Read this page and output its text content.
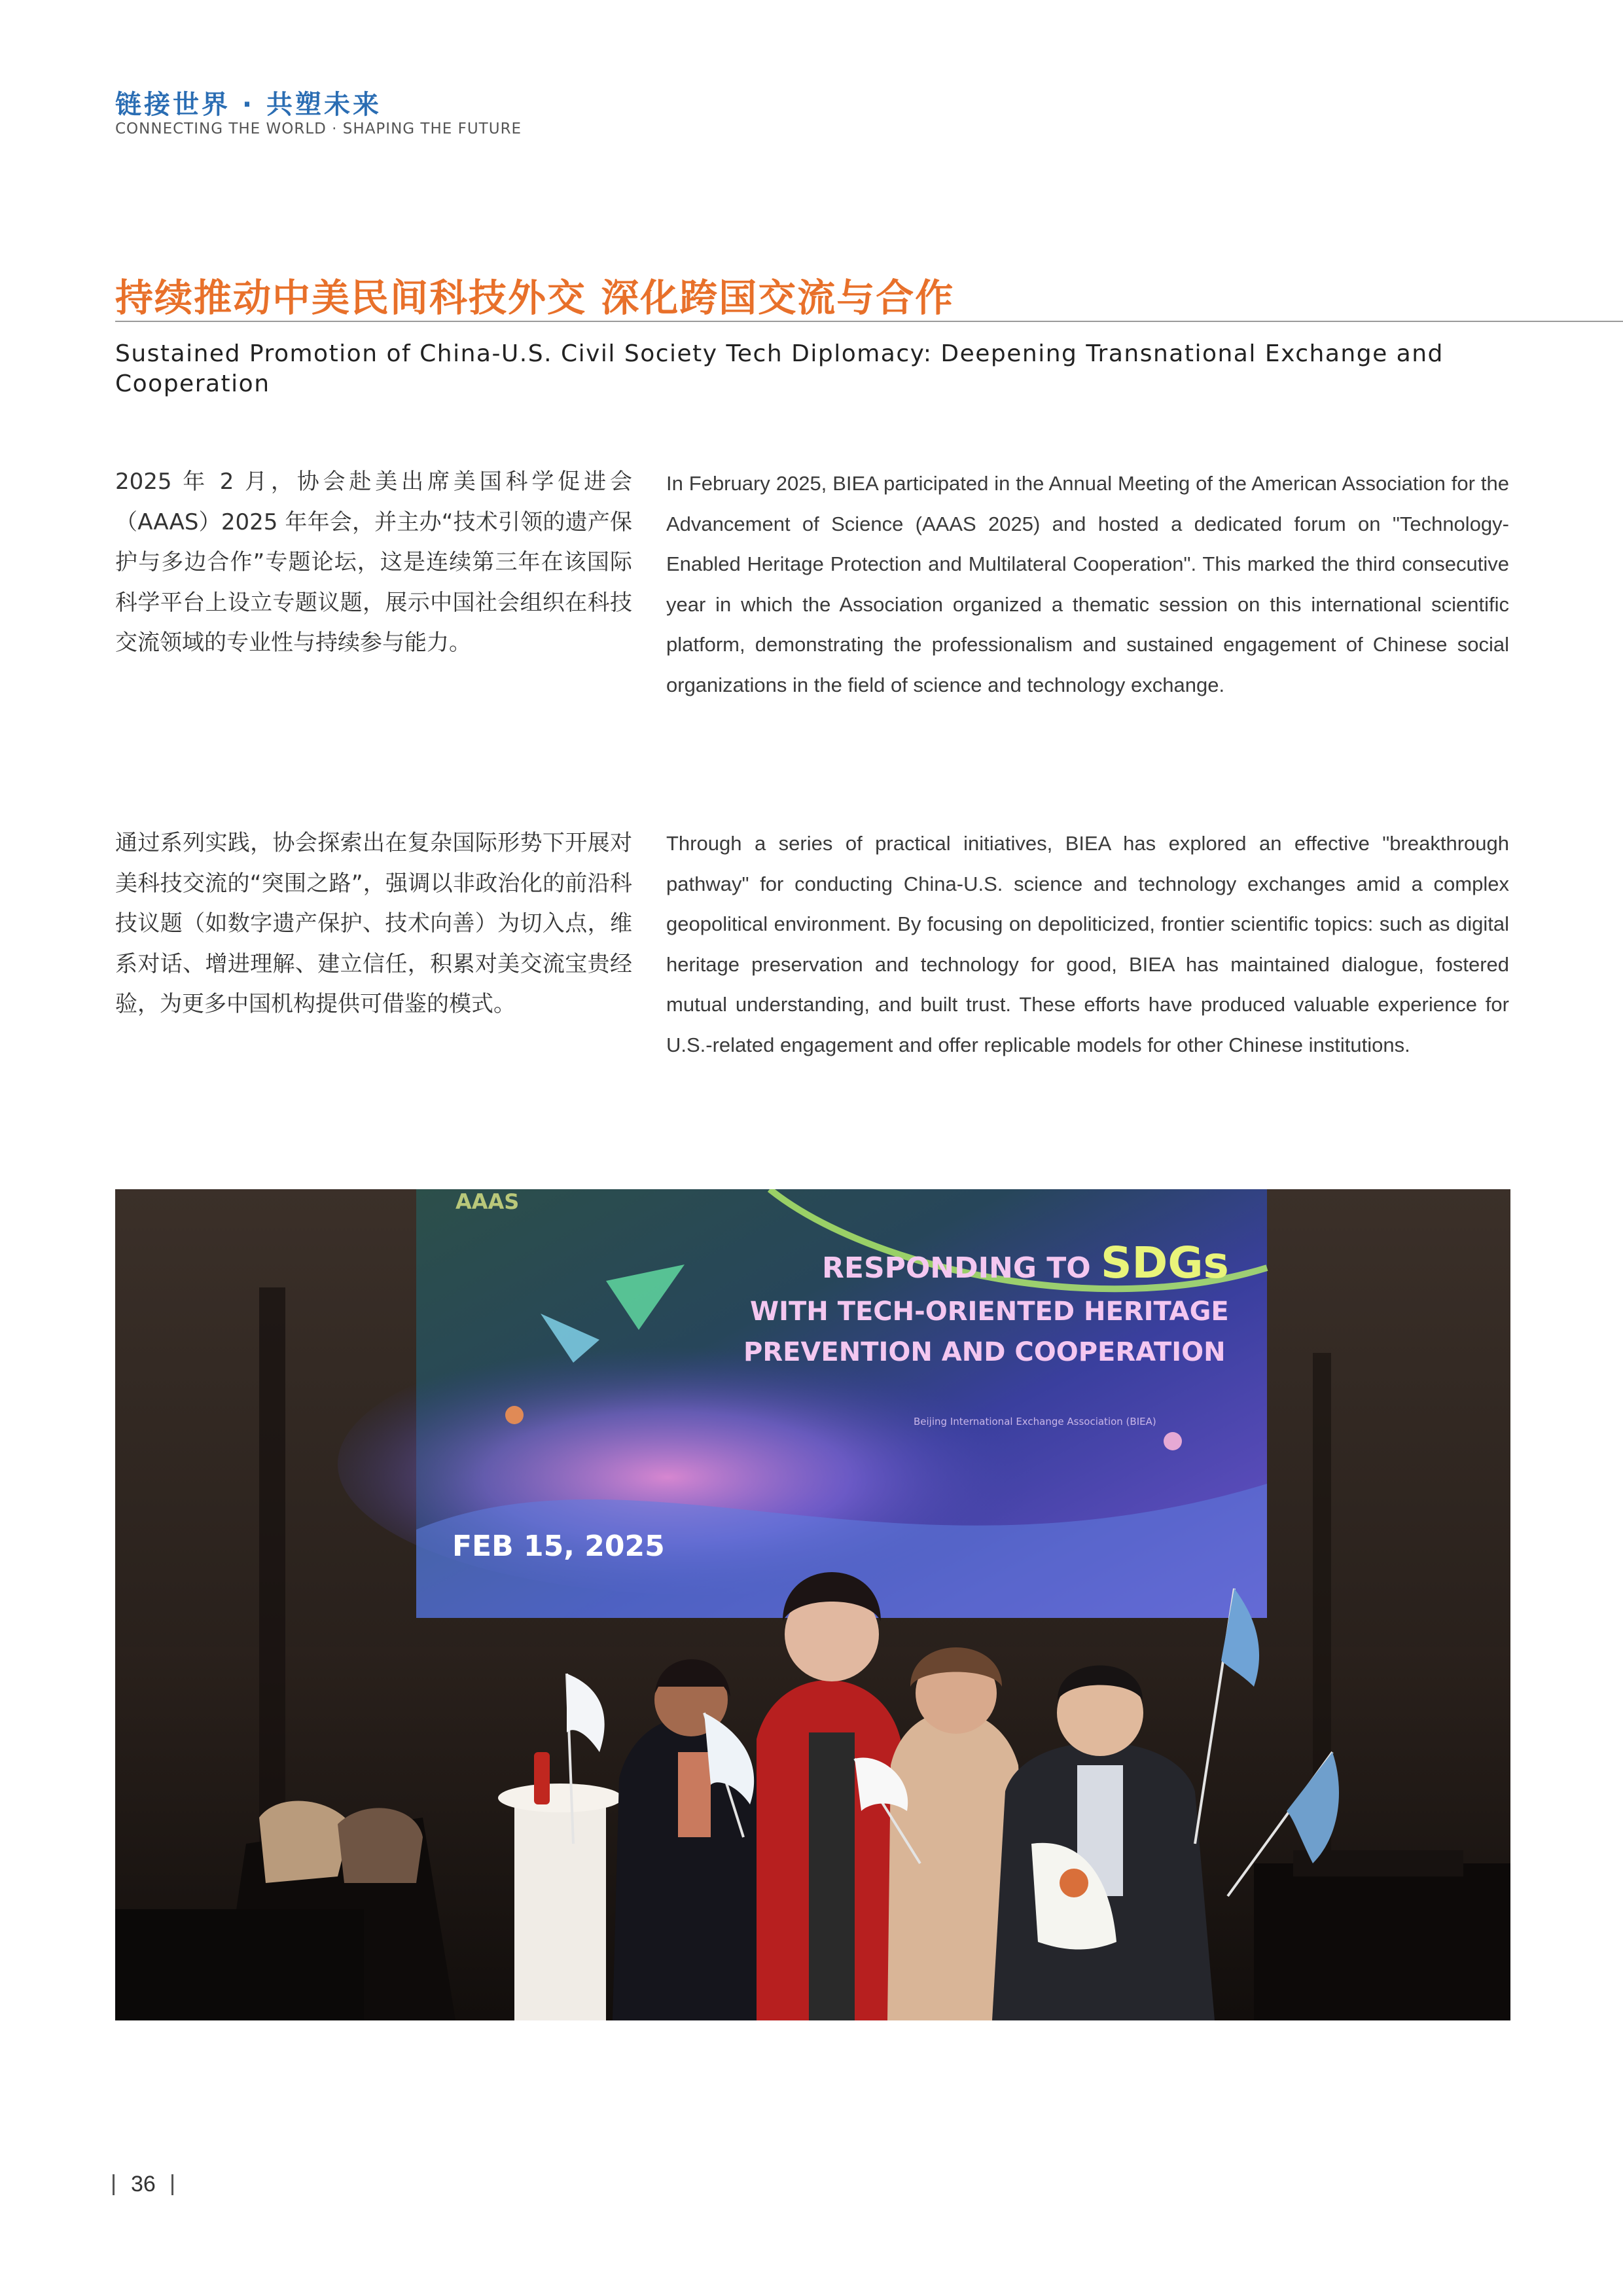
链接世界 · 共塑未来
CONNECTING THE WORLD · SHAPING THE FUTURE
持续推动中美民间科技外交 深化跨国交流与合作
Sustained Promotion of China-U.S. Civil Society Tech Diplomacy: Deepening Transnational Exchange and Cooperation
2025 年 2 月，协会赴美出席美国科学促进会（AAAS）2025 年年会，并主办“技术引领的遗产保护与多边合作”专题论坛，这是连续第三年在该国际科学平台上设立专题议题，展示中国社会组织在科技交流领域的专业性与持续参与能力。
In February 2025, BIEA participated in the Annual Meeting of the American Association for the Advancement of Science (AAAS 2025) and hosted a dedicated forum on "Technology-Enabled Heritage Protection and Multilateral Cooperation". This marked the third consecutive year in which the Association organized a thematic session on this international scientific platform, demonstrating the professionalism and sustained engagement of Chinese social organizations in the field of science and technology exchange.
通过系列实践，协会探索出在复杂国际形势下开展对美科技交流的“突围之路”，强调以非政治化的前沿科技议题（如数字遗产保护、技术向善）为切入点，维系对话、增进理解、建立信任，积累对美交流宝贵经验，为更多中国机构提供可借鉴的模式。
Through a series of practical initiatives, BIEA has explored an effective "breakthrough pathway" for conducting China-U.S. science and technology exchanges amid a complex geopolitical environment. By focusing on depoliticized, frontier scientific topics: such as digital heritage preservation and technology for good, BIEA has maintained dialogue, fostered mutual understanding, and built trust. These efforts have produced valuable experience for U.S.-related engagement and offer replicable models for other Chinese institutions.
AAAS
RESPONDING TO SDGs
WITH TECH-ORIENTED HERITAGE
PREVENTION AND COOPERATION
Beijing International Exchange Association (BIEA)
FEB 15, 2025
36
